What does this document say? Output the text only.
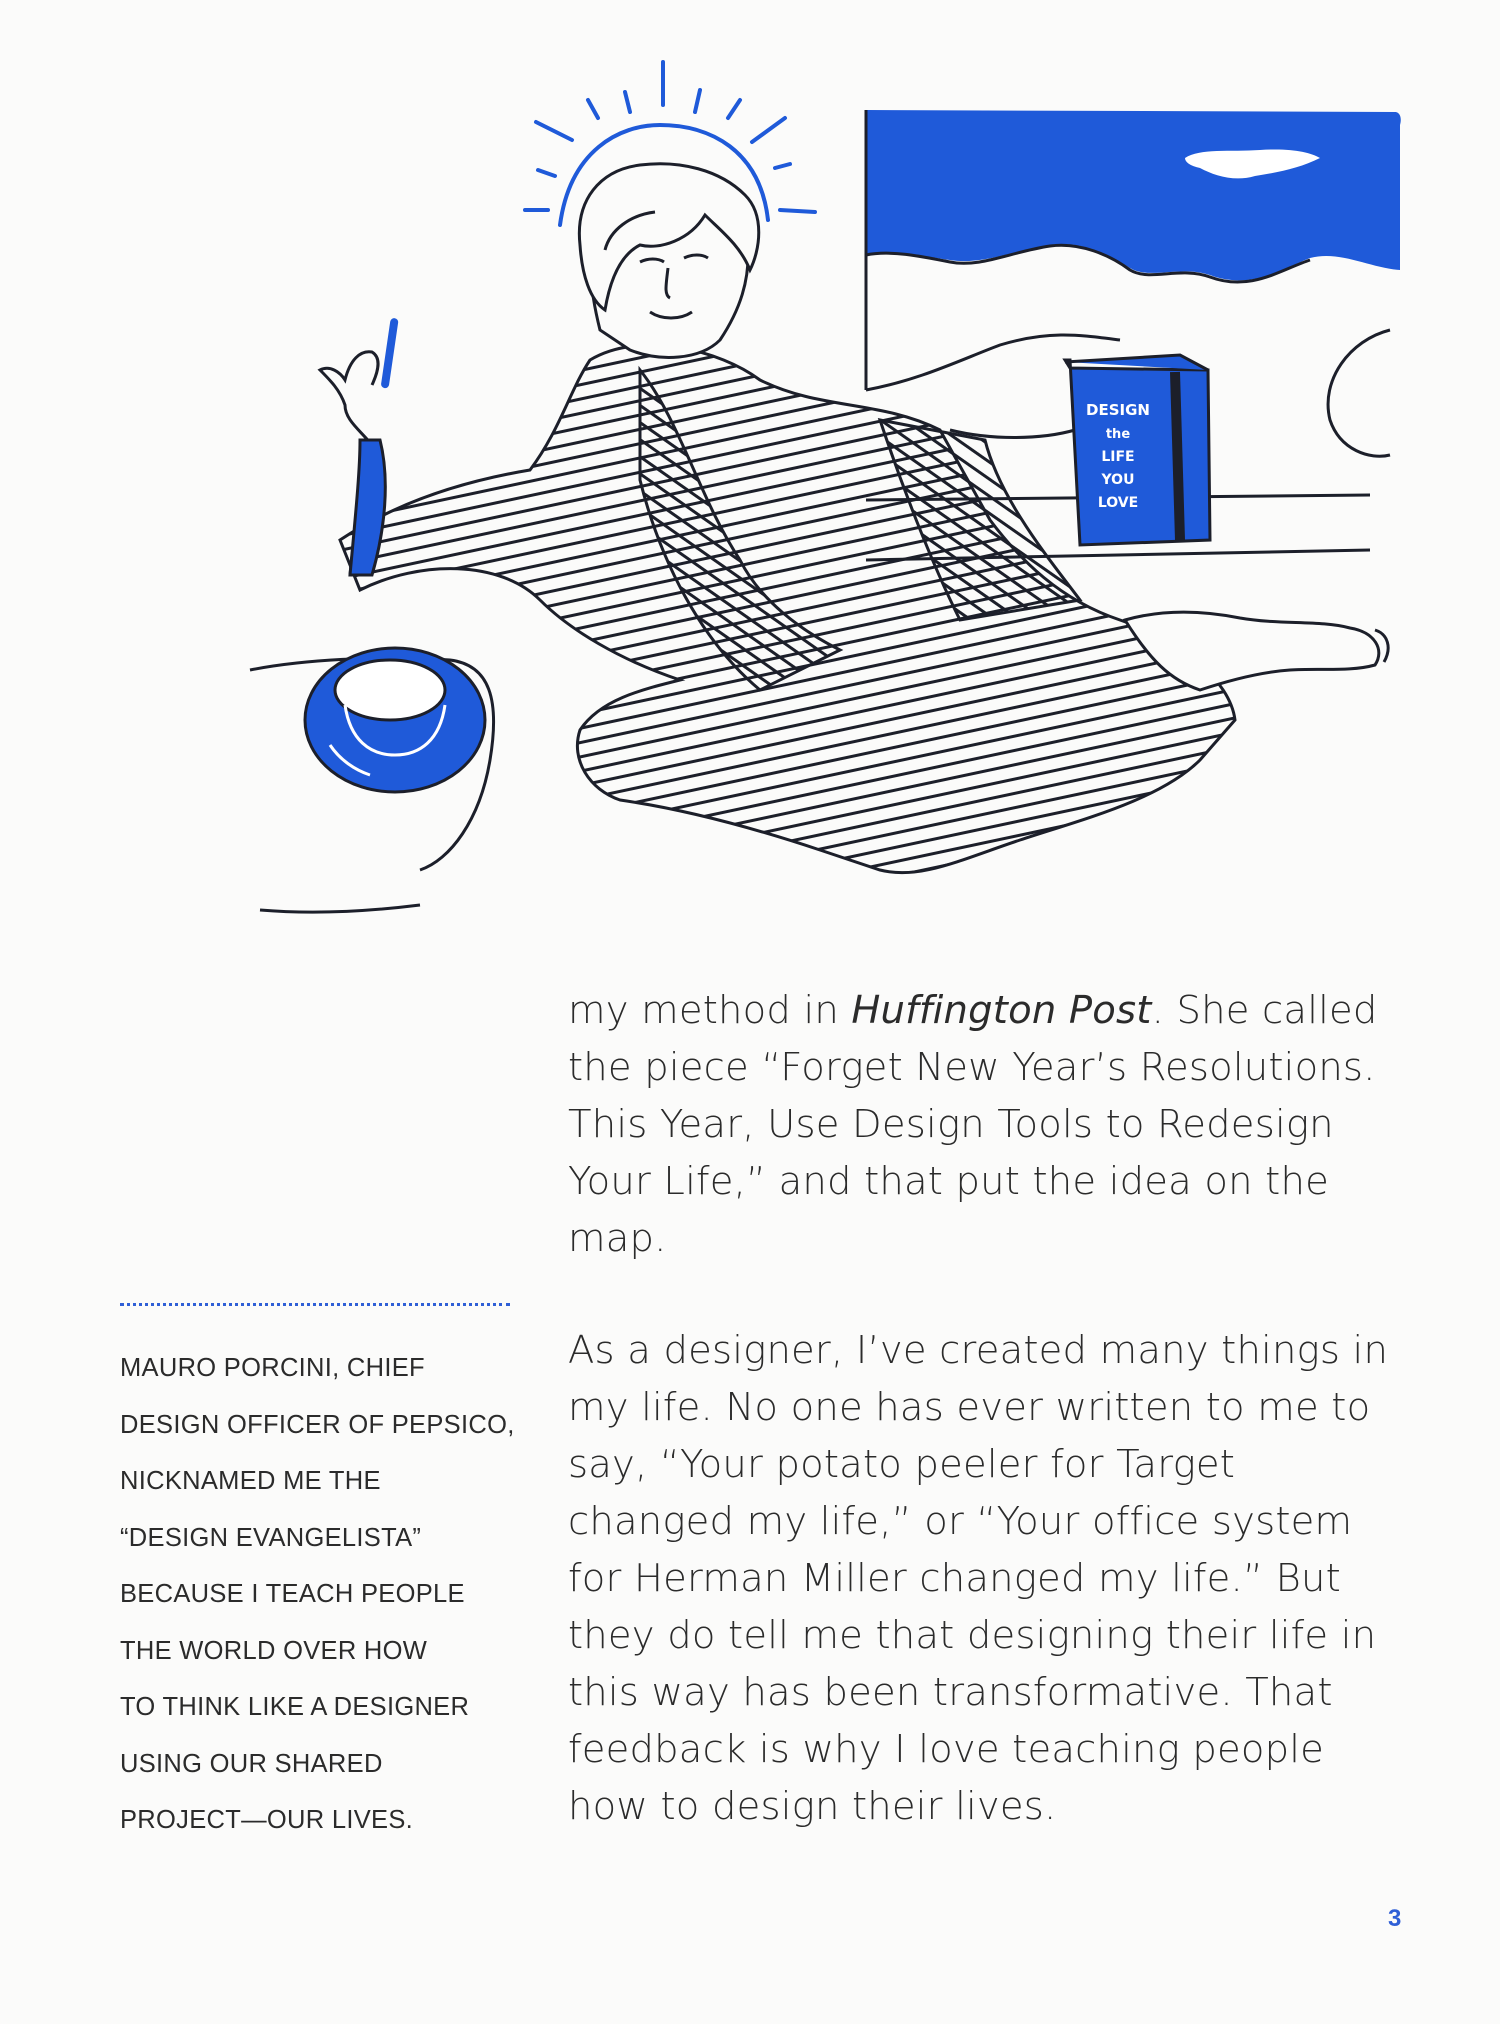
DESIGN
the
LIFE
YOU
LOVE

my method in Huffington Post. She called the piece “Forget New Year’s Resolutions. This Year, Use Design Tools to Redesign Your Life,” and that put the idea on the map.

As a designer, I’ve created many things in my life. No one has ever written to me to say, “Your potato peeler for Target changed my life,” or “Your office system for Herman Miller changed my life.” But they do tell me that designing their life in this way has been transformative. That feedback is why I love teaching people how to design their lives.

MAURO PORCINI, CHIEF
DESIGN OFFICER OF PEPSICO,
NICKNAMED ME THE
“DESIGN EVANGELISTA”
BECAUSE I TEACH PEOPLE
THE WORLD OVER HOW
TO THINK LIKE A DESIGNER
USING OUR SHARED
PROJECT—OUR LIVES.

3
